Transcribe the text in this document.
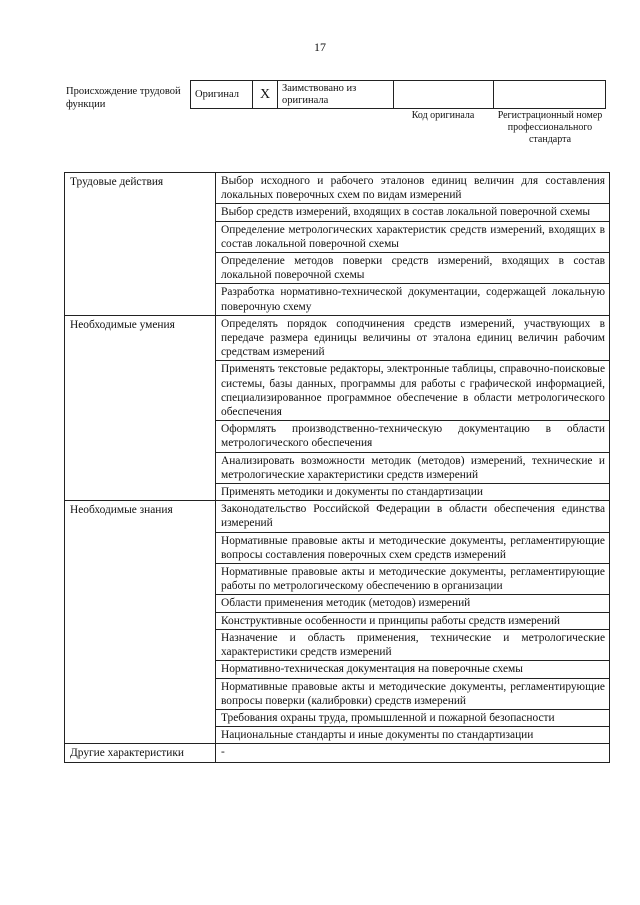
17
Происхождение трудовой функции
Оригинал	X	Заимствовано из оригинала		
Код оригинала	Регистрационный номер профессионального стандарта
Трудовые действия	Выбор исходного и рабочего эталонов единиц величин для составления локальных поверочных схем по видам измерений
	Выбор средств измерений, входящих в состав локальной поверочной схемы
	Определение метрологических характеристик средств измерений, входящих в состав локальной поверочной схемы
	Определение методов поверки средств измерений, входящих в состав локальной поверочной схемы
	Разработка нормативно-технической документации, содержащей локальную поверочную схему
Необходимые умения	Определять порядок соподчинения средств измерений, участвующих в передаче размера единицы величины от эталона единиц величин рабочим средствам измерений
	Применять текстовые редакторы, электронные таблицы, справочно-поисковые системы, базы данных, программы для работы с графической информацией, специализированное программное обеспечение в области метрологического обеспечения
	Оформлять производственно-техническую документацию в области метрологического обеспечения
	Анализировать возможности методик (методов) измерений, технические и метрологические характеристики средств измерений
	Применять методики и документы по стандартизации
Необходимые знания	Законодательство Российской Федерации в области обеспечения единства измерений
	Нормативные правовые акты и методические документы, регламентирующие вопросы составления поверочных схем средств измерений
	Нормативные правовые акты и методические документы, регламентирующие работы по метрологическому обеспечению в организации
	Области применения методик (методов) измерений
	Конструктивные особенности и принципы работы средств измерений
	Назначение и область применения, технические и метрологические характеристики средств измерений
	Нормативно-техническая документация на поверочные схемы
	Нормативные правовые акты и методические документы, регламентирующие вопросы поверки (калибровки) средств измерений
	Требования охраны труда, промышленной и пожарной безопасности
	Национальные стандарты и иные документы по стандартизации
Другие характеристики	-
